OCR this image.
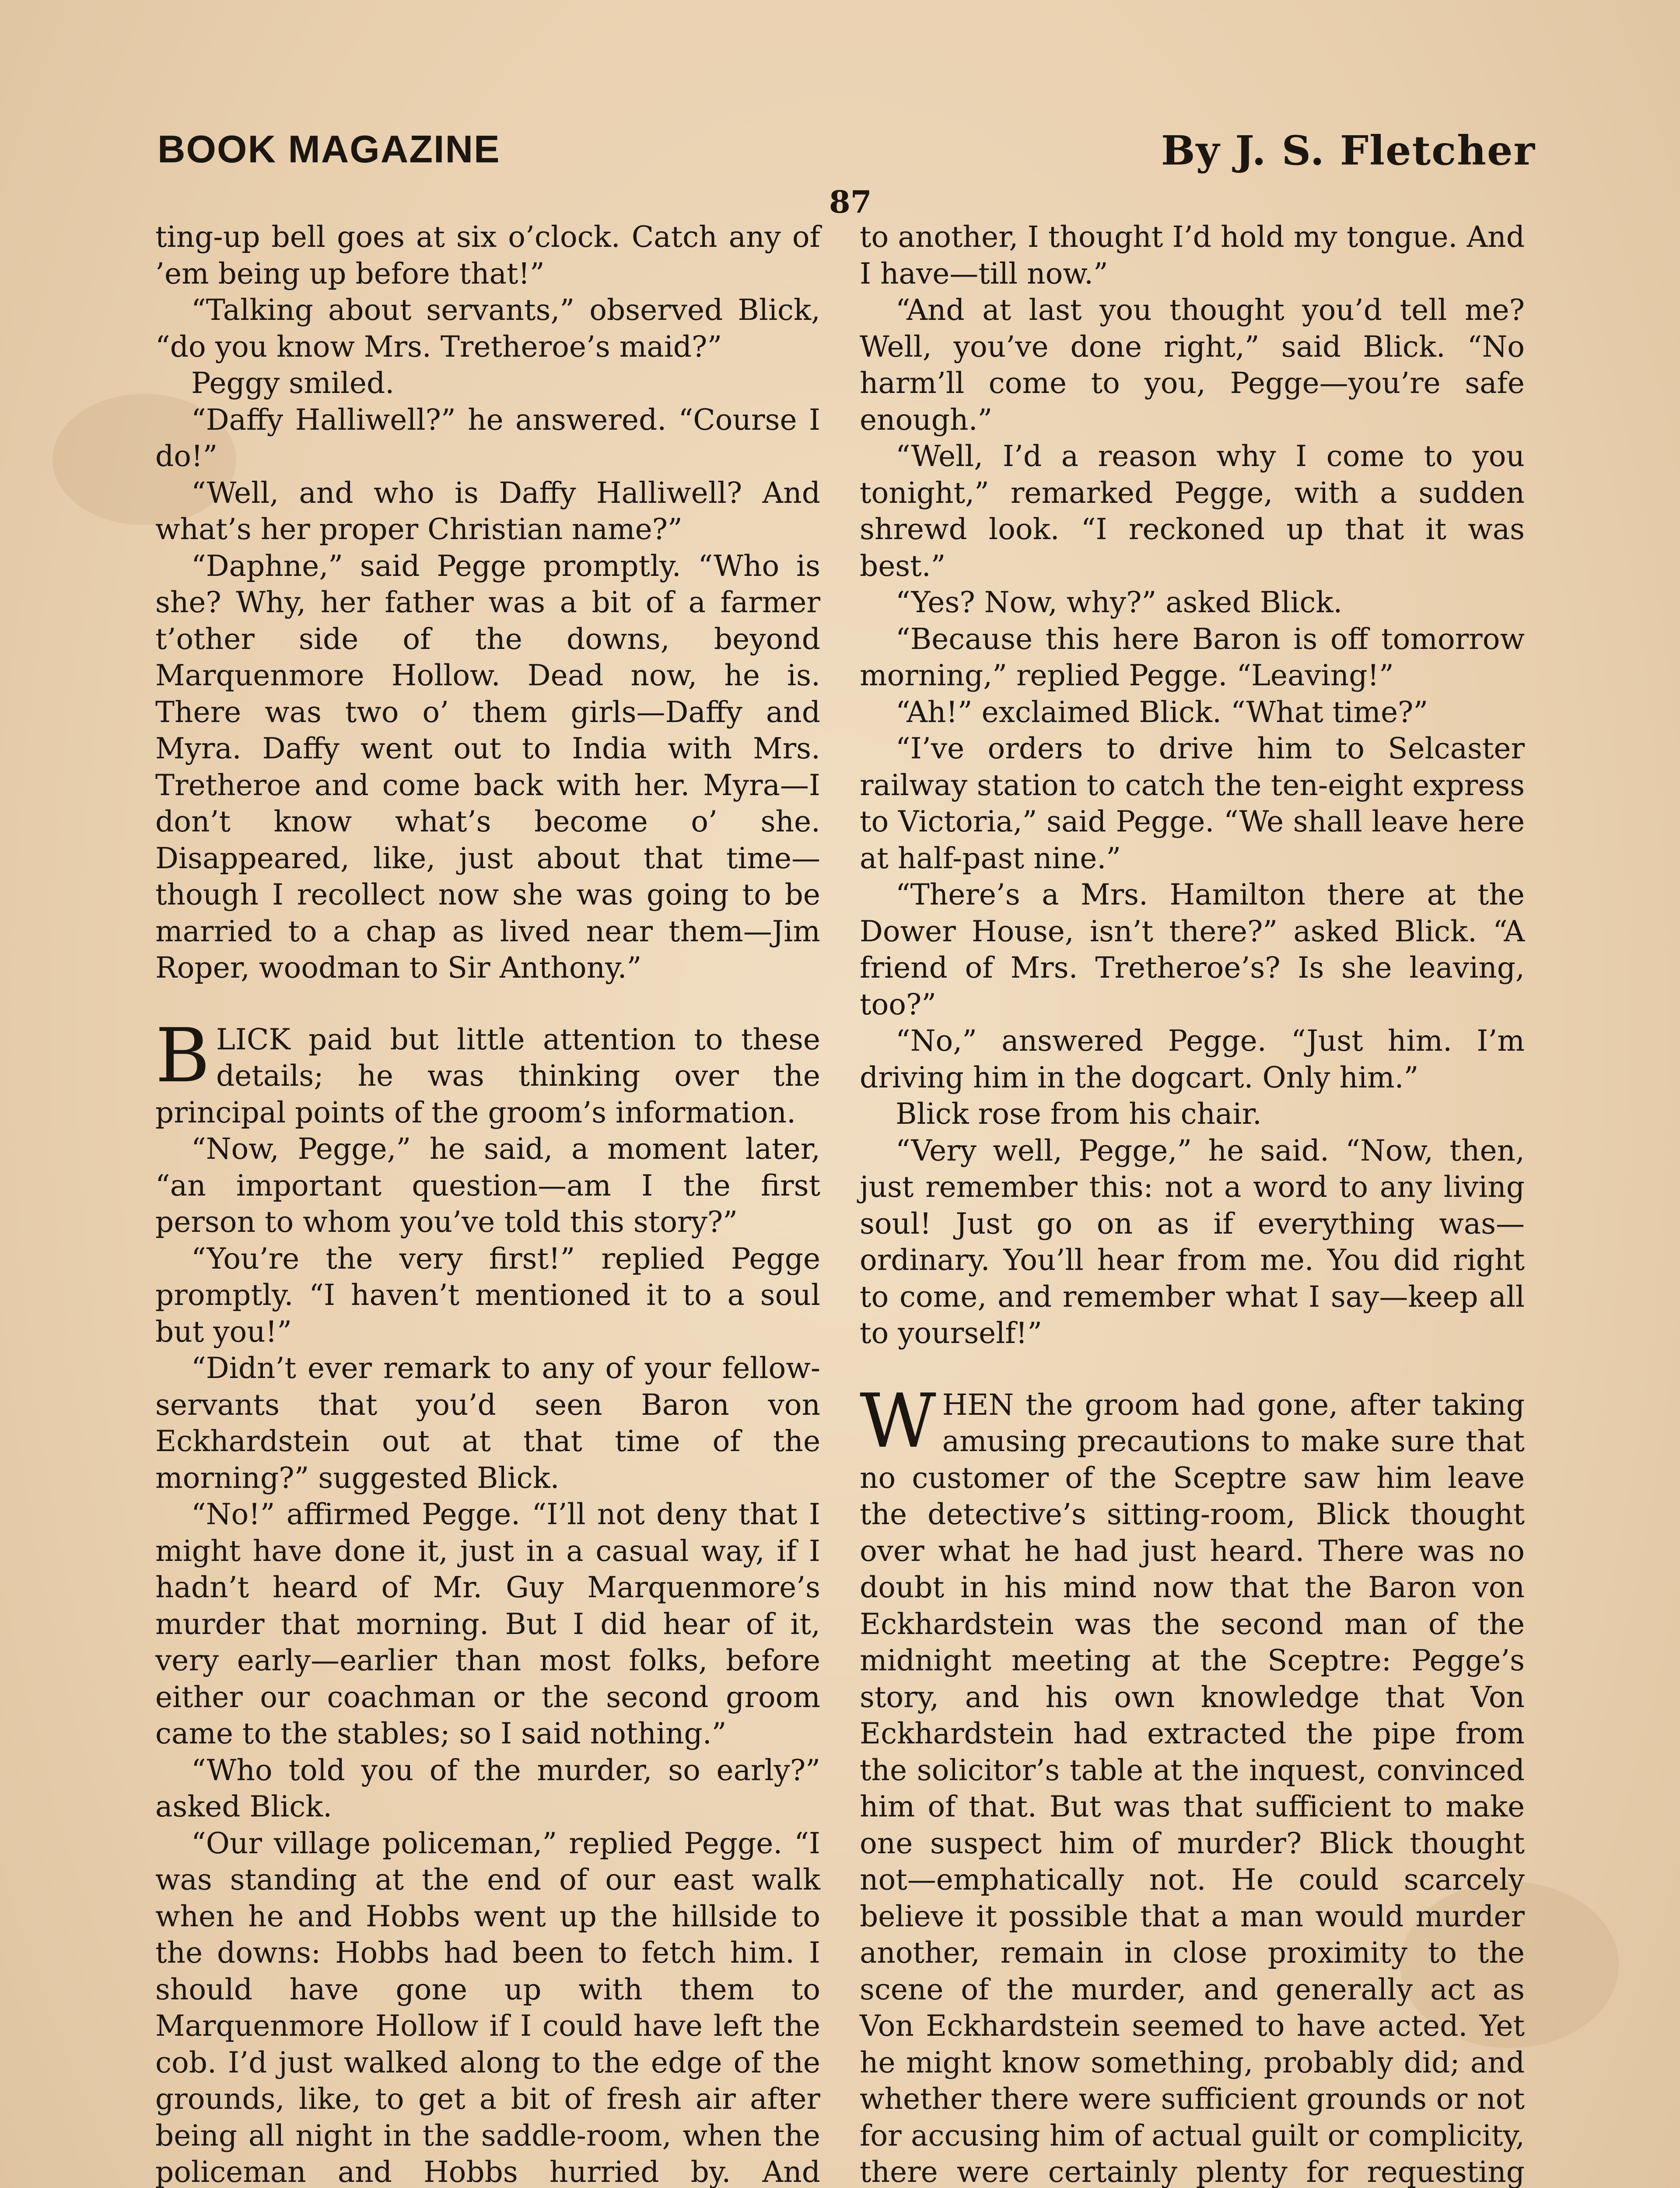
BOOK MAGAZINE	By J. S. Fletcher
87

ting-up bell goes at six o’clock. Catch any of ’em being up before that!”

“Talking about servants,” observed Blick, “do you know Mrs. Tretheroe’s maid?”

Peggy smiled.

“Daffy Halliwell?” he answered. “Course I do!”

“Well, and who is Daffy Halliwell? And what’s her proper Christian name?”

“Daphne,” said Pegge promptly. “Who is she? Why, her father was a bit of a farmer t’other side of the downs, beyond Marquenmore Hollow. Dead now, he is. There was two o’ them girls—Daffy and Myra. Daffy went out to India with Mrs. Tretheroe and come back with her. Myra—I don’t know what’s become o’ she. Disappeared, like, just about that time—though I recollect now she was going to be married to a chap as lived near them—Jim Roper, woodman to Sir Anthony.”

BLICK paid but little attention to these details; he was thinking over the principal points of the groom’s information.

“Now, Pegge,” he said, a moment later, “an important question—am I the first person to whom you’ve told this story?”

“You’re the very first!” replied Pegge promptly. “I haven’t mentioned it to a soul but you!”

“Didn’t ever remark to any of your fellow-servants that you’d seen Baron von Eckhardstein out at that time of the morning?” suggested Blick.

“No!” affirmed Pegge. “I’ll not deny that I might have done it, just in a casual way, if I hadn’t heard of Mr. Guy Marquenmore’s murder that morning. But I did hear of it, very early—earlier than most folks, before either our coachman or the second groom came to the stables; so I said nothing.”

“Who told you of the murder, so early?” asked Blick.

“Our village policeman,” replied Pegge. “I was standing at the end of our east walk when he and Hobbs went up the hillside to the downs: Hobbs had been to fetch him. I should have gone up with them to Marquenmore Hollow if I could have left the cob. I’d just walked along to the edge of the grounds, like, to get a bit of fresh air after being all night in the saddle-room, when the policeman and Hobbs hurried by. And

to another, I thought I’d hold my tongue. And I have—till now.”

“And at last you thought you’d tell me? Well, you’ve done right,” said Blick. “No harm’ll come to you, Pegge—you’re safe enough.”

“Well, I’d a reason why I come to you tonight,” remarked Pegge, with a sudden shrewd look. “I reckoned up that it was best.”

“Yes? Now, why?” asked Blick.

“Because this here Baron is off tomorrow morning,” replied Pegge. “Leaving!”

“Ah!” exclaimed Blick. “What time?”

“I’ve orders to drive him to Selcaster railway station to catch the ten-eight express to Victoria,” said Pegge. “We shall leave here at half-past nine.”

“There’s a Mrs. Hamilton there at the Dower House, isn’t there?” asked Blick. “A friend of Mrs. Tretheroe’s? Is she leaving, too?”

“No,” answered Pegge. “Just him. I’m driving him in the dogcart. Only him.”

Blick rose from his chair.

“Very well, Pegge,” he said. “Now, then, just remember this: not a word to any living soul! Just go on as if everything was—ordinary. You’ll hear from me. You did right to come, and remember what I say—keep all to yourself!”

WHEN the groom had gone, after taking amusing precautions to make sure that no customer of the Sceptre saw him leave the detective’s sitting-room, Blick thought over what he had just heard. There was no doubt in his mind now that the Baron von Eckhardstein was the second man of the midnight meeting at the Sceptre: Pegge’s story, and his own knowledge that Von Eckhardstein had extracted the pipe from the solicitor’s table at the inquest, convinced him of that. But was that sufficient to make one suspect him of murder? Blick thought not—emphatically not. He could scarcely believe it possible that a man would murder another, remain in close proximity to the scene of the murder, and generally act as Von Eckhardstein seemed to have acted. Yet he might know something, probably did; and whether there were sufficient grounds or not for accusing him of actual guilt or complicity, there were certainly plenty for requesting
